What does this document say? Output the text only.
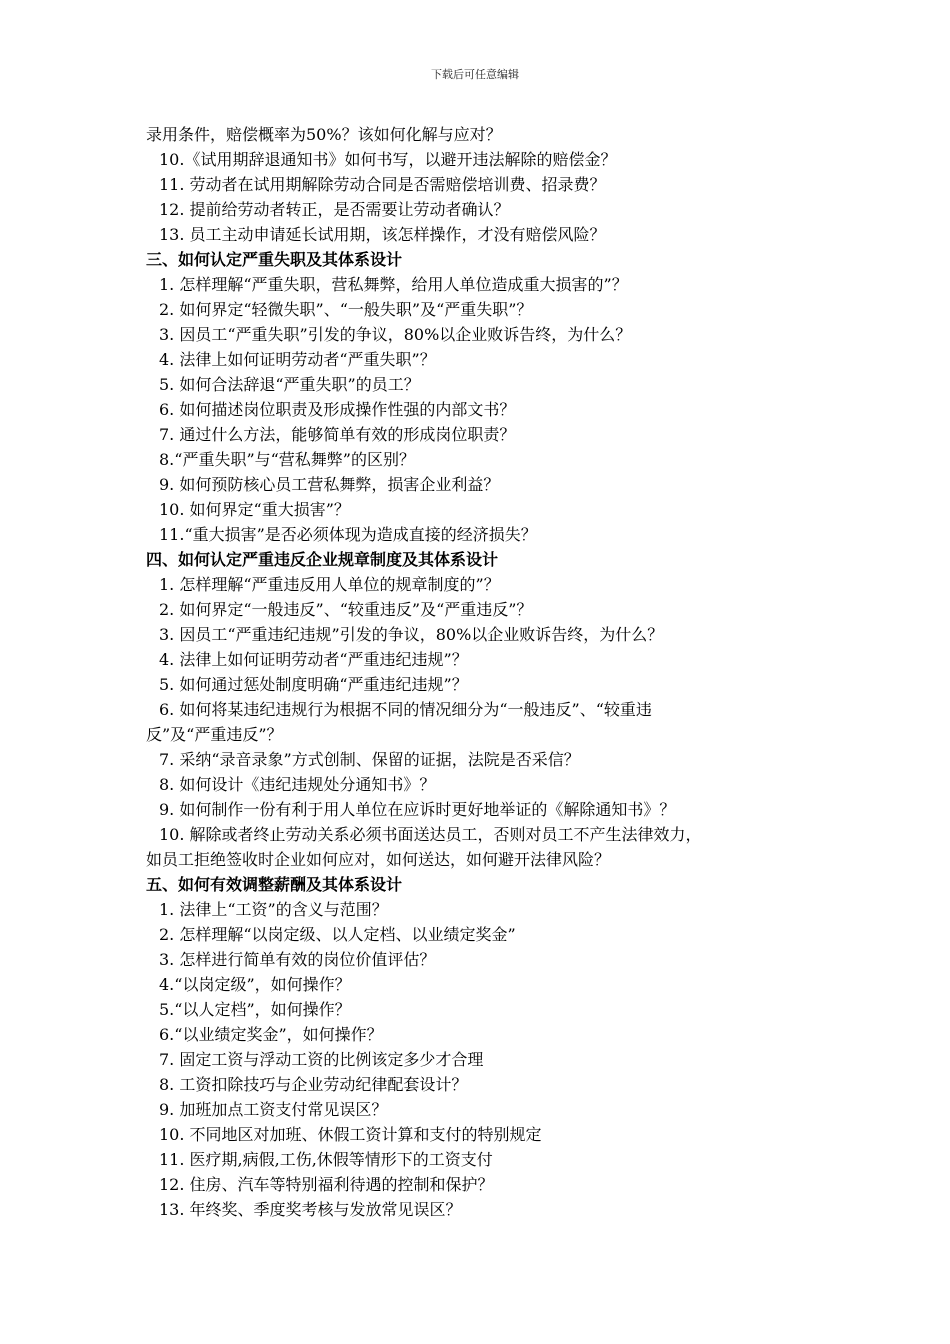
下载后可任意编辑
录用条件，赔偿概率为50%？该如何化解与应对？
10.《试用期辞退通知书》如何书写，以避开违法解除的赔偿金？
11. 劳动者在试用期解除劳动合同是否需赔偿培训费、招录费？
12. 提前给劳动者转正，是否需要让劳动者确认？
13. 员工主动申请延长试用期，该怎样操作，才没有赔偿风险？
三、如何认定严重失职及其体系设计
1. 怎样理解“严重失职，营私舞弊，给用人单位造成重大损害的”？
2. 如何界定“轻微失职”、“一般失职”及“严重失职”？
3. 因员工“严重失职”引发的争议，80%以企业败诉告终，为什么？
4. 法律上如何证明劳动者“严重失职”？
5. 如何合法辞退“严重失职”的员工？
6. 如何描述岗位职责及形成操作性强的内部文书？
7. 通过什么方法，能够简单有效的形成岗位职责？
8.“严重失职”与“营私舞弊”的区别？
9. 如何预防核心员工营私舞弊，损害企业利益？
10. 如何界定“重大损害”？
11.“重大损害”是否必须体现为造成直接的经济损失？
四、如何认定严重违反企业规章制度及其体系设计
1. 怎样理解“严重违反用人单位的规章制度的”？
2. 如何界定“一般违反”、“较重违反”及“严重违反”？
3. 因员工“严重违纪违规”引发的争议，80%以企业败诉告终，为什么？
4. 法律上如何证明劳动者“严重违纪违规”？
5. 如何通过惩处制度明确“严重违纪违规”？
6. 如何将某违纪违规行为根据不同的情况细分为“一般违反”、“较重违
反”及“严重违反”？
7. 采纳“录音录象”方式创制、保留的证据，法院是否采信？
8. 如何设计《违纪违规处分通知书》？
9. 如何制作一份有利于用人单位在应诉时更好地举证的《解除通知书》？
10. 解除或者终止劳动关系必须书面送达员工，否则对员工不产生法律效力，
如员工拒绝签收时企业如何应对，如何送达，如何避开法律风险？
五、如何有效调整薪酬及其体系设计
1. 法律上“工资”的含义与范围？
2. 怎样理解“以岗定级、以人定档、以业绩定奖金”
3. 怎样进行简单有效的岗位价值评估？
4.“以岗定级”，如何操作？
5.“以人定档”，如何操作？
6.“以业绩定奖金”，如何操作？
7. 固定工资与浮动工资的比例该定多少才合理
8. 工资扣除技巧与企业劳动纪律配套设计？
9. 加班加点工资支付常见误区？
10. 不同地区对加班、休假工资计算和支付的特别规定
11. 医疗期,病假,工伤,休假等情形下的工资支付
12. 住房、汽车等特别福利待遇的控制和保护？
13. 年终奖、季度奖考核与发放常见误区？
